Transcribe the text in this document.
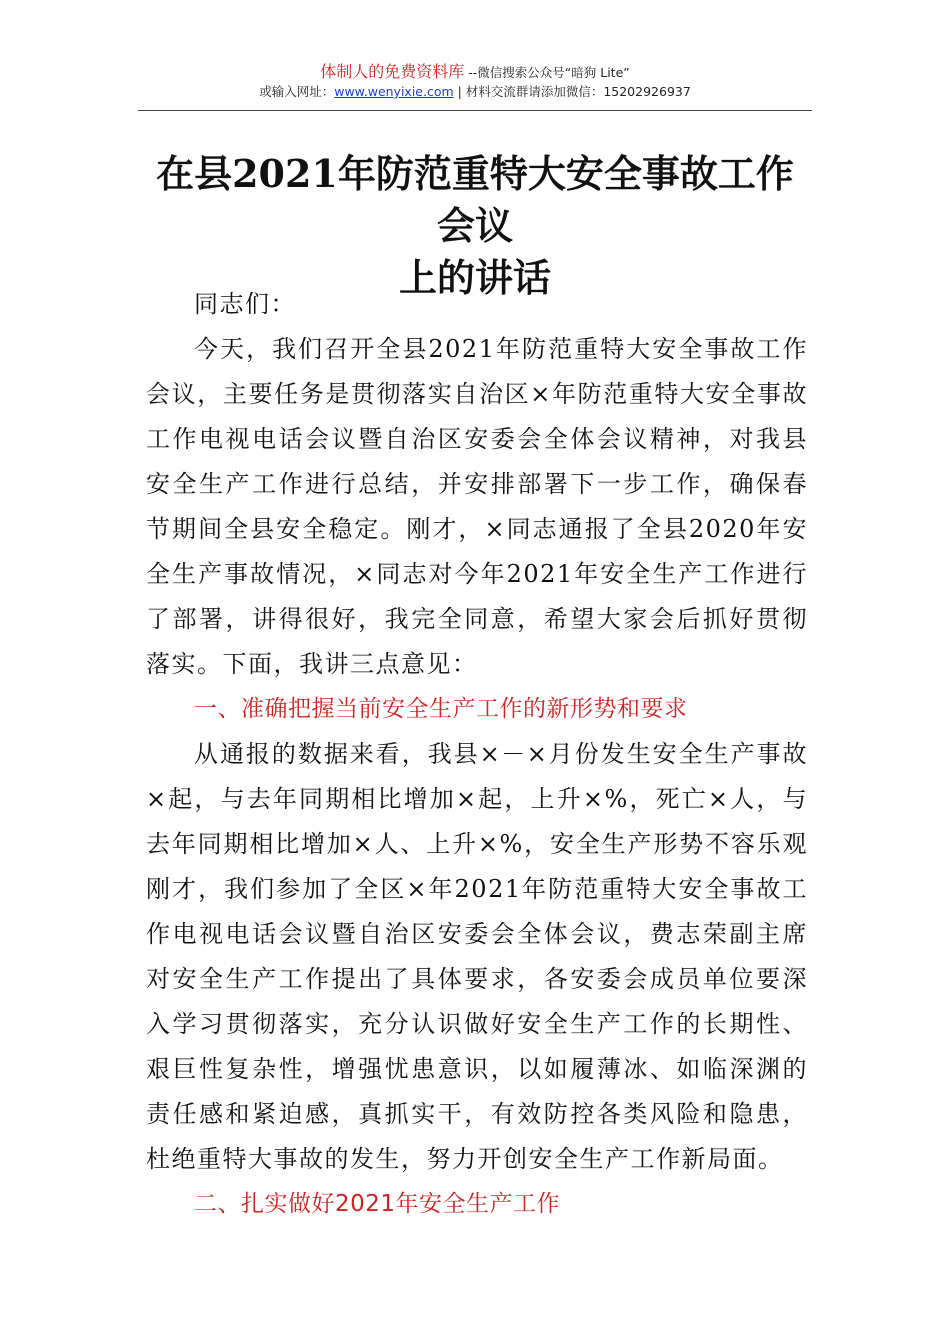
体制人的免费资料库 --微信搜索公众号“暗狗 Lite”
或输入网址：www.wenyixie.com | 材料交流群请添加微信：15202926937
在县2021年防范重特大安全事故工作会议
上的讲话

同志们：

今天，我们召开全县2021年防范重特大安全事故工作会议，主要任务是贯彻落实自治区×年防范重特大安全事故工作电视电话会议暨自治区安委会全体会议精神，对我县安全生产工作进行总结，并安排部署下一步工作，确保春节期间全县安全稳定。刚才，×同志通报了全县2020年安全生产事故情况，×同志对今年2021年安全生产工作进行了部署，讲得很好，我完全同意，希望大家会后抓好贯彻落实。下面，我讲三点意见：

一、准确把握当前安全生产工作的新形势和要求

从通报的数据来看，我县×－×月份发生安全生产事故×起，与去年同期相比增加×起，上升×%，死亡×人，与去年同期相比增加×人、上升×%，安全生产形势不容乐观刚才，我们参加了全区×年2021年防范重特大安全事故工作电视电话会议暨自治区安委会全体会议，费志荣副主席对安全生产工作提出了具体要求，各安委会成员单位要深入学习贯彻落实，充分认识做好安全生产工作的长期性、艰巨性复杂性，增强忧患意识，以如履薄冰、如临深渊的责任感和紧迫感，真抓实干，有效防控各类风险和隐患，杜绝重特大事故的发生，努力开创安全生产工作新局面。

二、扎实做好2021年安全生产工作
